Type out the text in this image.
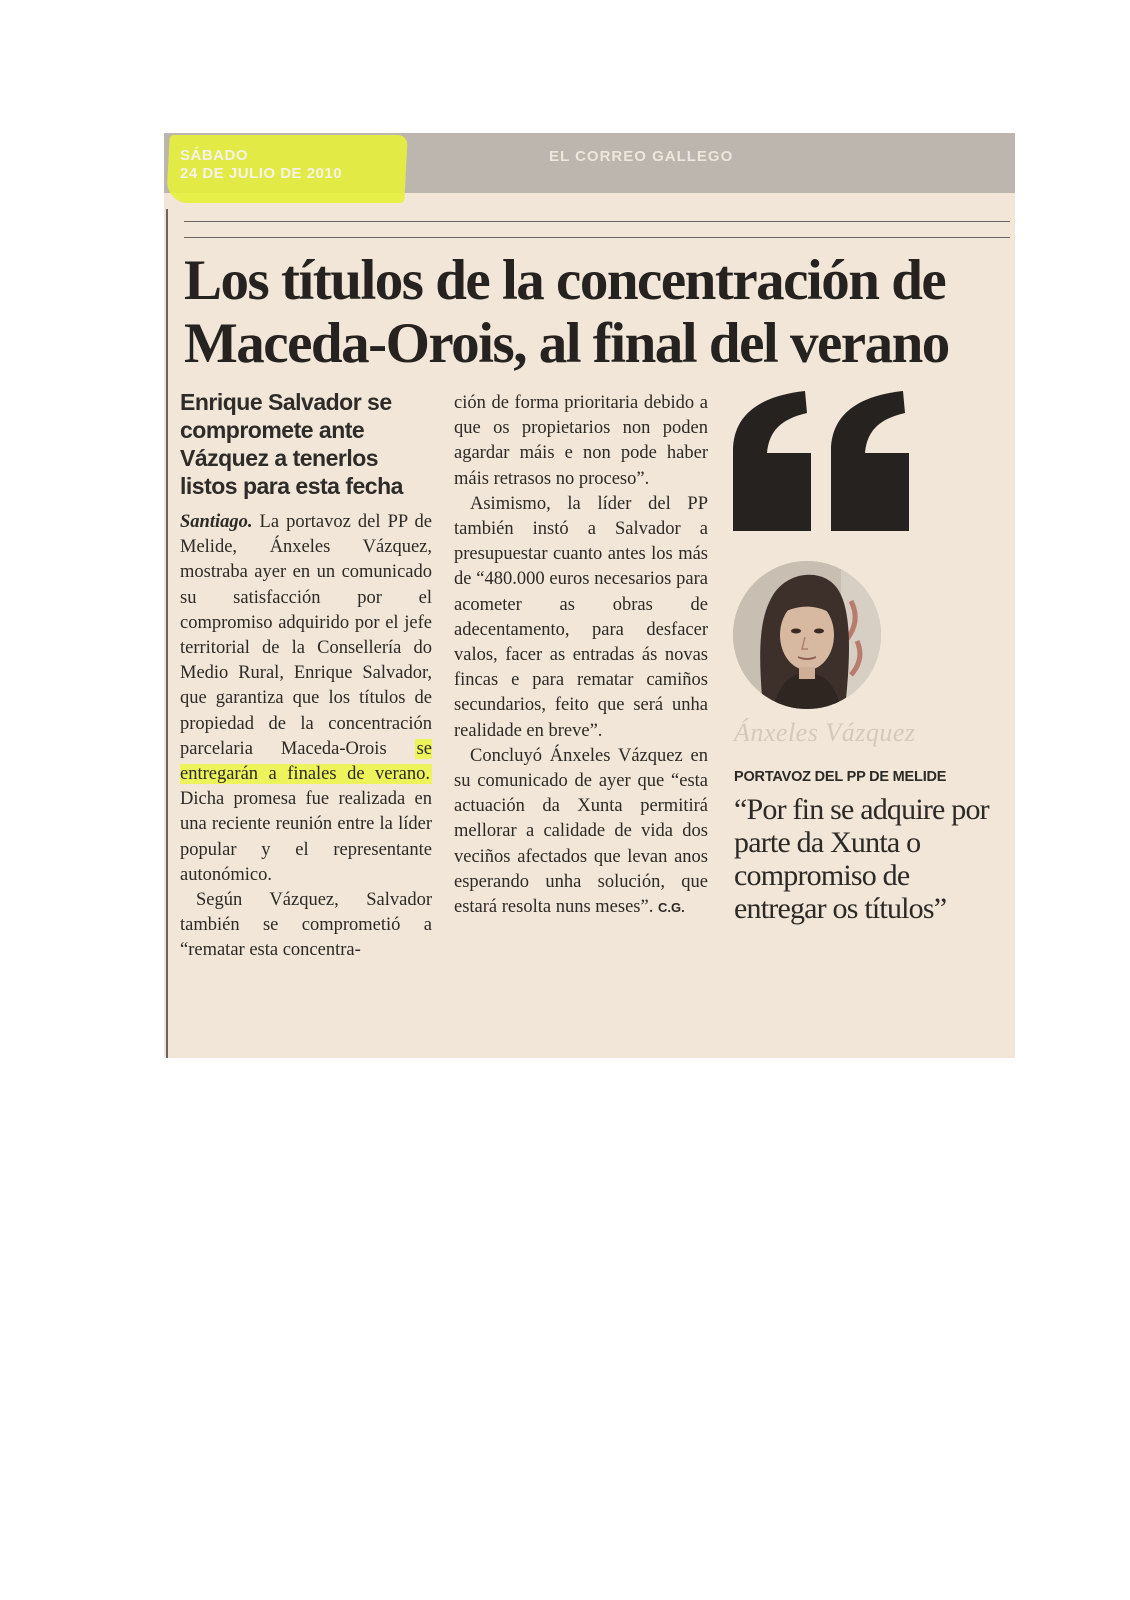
SÁBADO
24 DE JULIO DE 2010
EL CORREO GALLEGO
Los títulos de la concentración de
Maceda-Orois, al final del verano

Enrique Salvador se compromete ante Vázquez a tenerlos listos para esta fecha

Santiago. La portavoz del PP de Melide, Ánxeles Vázquez, mostraba ayer en un comunicado su satisfacción por el compromiso adquirido por el jefe territorial de la Consellería do Medio Rural, Enrique Salvador, que garantiza que los títulos de propiedad de la concentración parcelaria Maceda-Orois se entregarán a finales de verano. Dicha promesa fue realizada en una reciente reunión entre la líder popular y el representante autonómico.

Según Vázquez, Salvador también se comprometió a “rematar esta concentra-

ción de forma prioritaria debido a que os propietarios non poden agardar máis e non pode haber máis retrasos no proceso”.

Asimismo, la líder del PP también instó a Salvador a presupuestar cuanto antes los más de “480.000 euros necesarios para acometer as obras de adecentamento, para desfacer valos, facer as entradas ás novas fincas e para rematar camiños secundarios, feito que será unha realidade en breve”.

Concluyó Ánxeles Vázquez en su comunicado de ayer que “esta actuación da Xunta permitirá mellorar a calidade de vida dos veciños afectados que levan anos esperando unha solución, que estará resolta nuns meses”. C.G.

Ánxeles Vázquez
PORTAVOZ DEL PP DE MELIDE
“Por fin se adquire por parte da Xunta o compromiso de entregar os títulos”
